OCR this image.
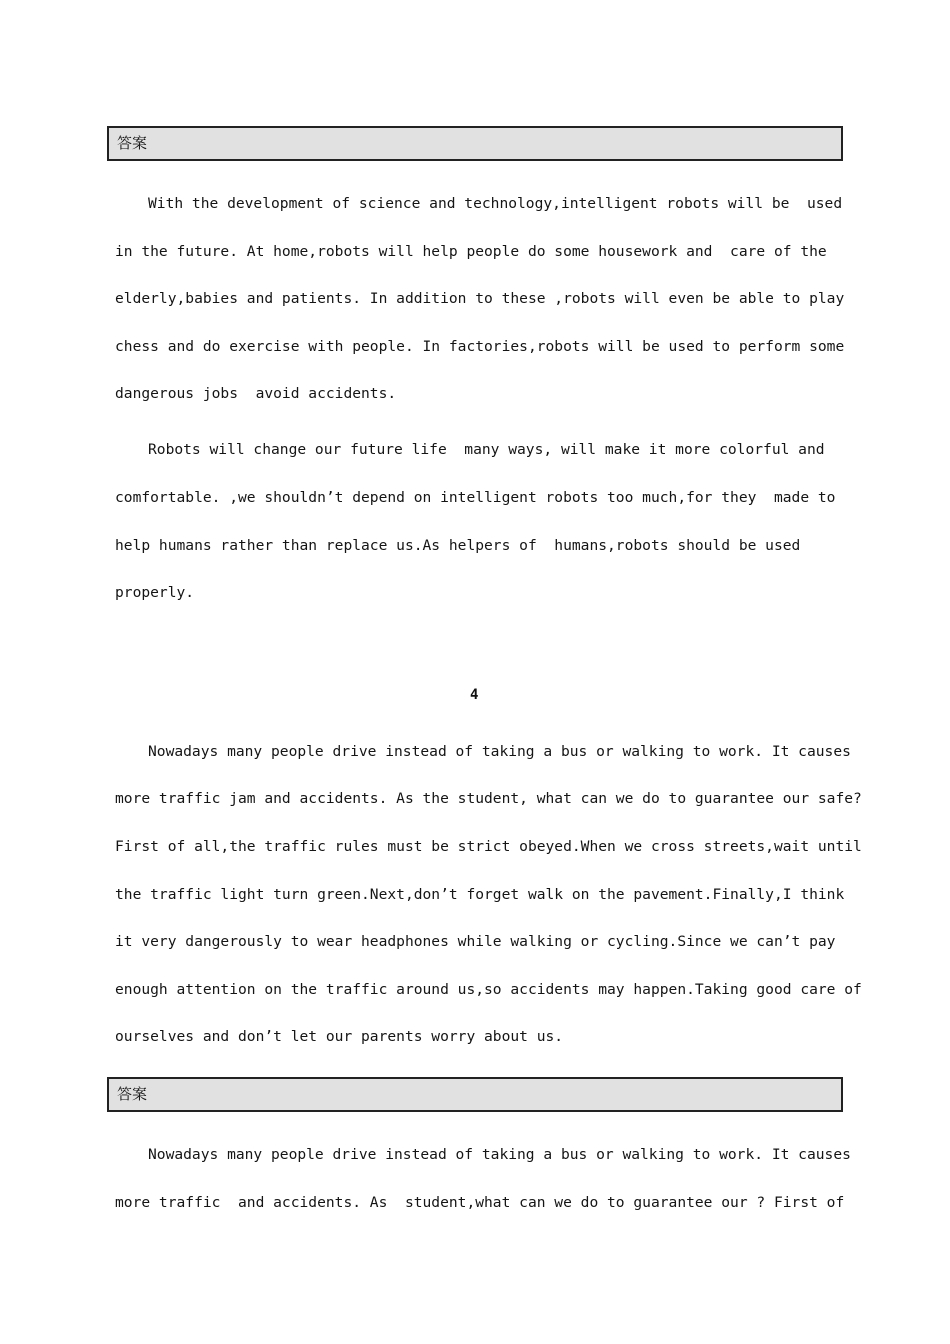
答案
With the development of science and technology,intelligent robots will be  used
in the future. At home,robots will help people do some housework and  care of the
elderly,babies and patients. In addition to these ,robots will even be able to play
chess and do exercise with people. In factories,robots will be used to perform some
dangerous jobs  avoid accidents.
Robots will change our future life  many ways, will make it more colorful and
comfortable. ,we shouldn’t depend on intelligent robots too much,for they  made to
help humans rather than replace us.As helpers of  humans,robots should be used
properly.
4
Nowadays many people drive instead of taking a bus or walking to work. It causes
more traffic jam and accidents. As the student, what can we do to guarantee our safe?
First of all,the traffic rules must be strict obeyed.When we cross streets,wait until
the traffic light turn green.Next,don’t forget walk on the pavement.Finally,I think
it very dangerously to wear headphones while walking or cycling.Since we can’t pay
enough attention on the traffic around us,so accidents may happen.Taking good care of
ourselves and don’t let our parents worry about us.
答案
Nowadays many people drive instead of taking a bus or walking to work. It causes
more traffic  and accidents. As  student,what can we do to guarantee our ? First of
